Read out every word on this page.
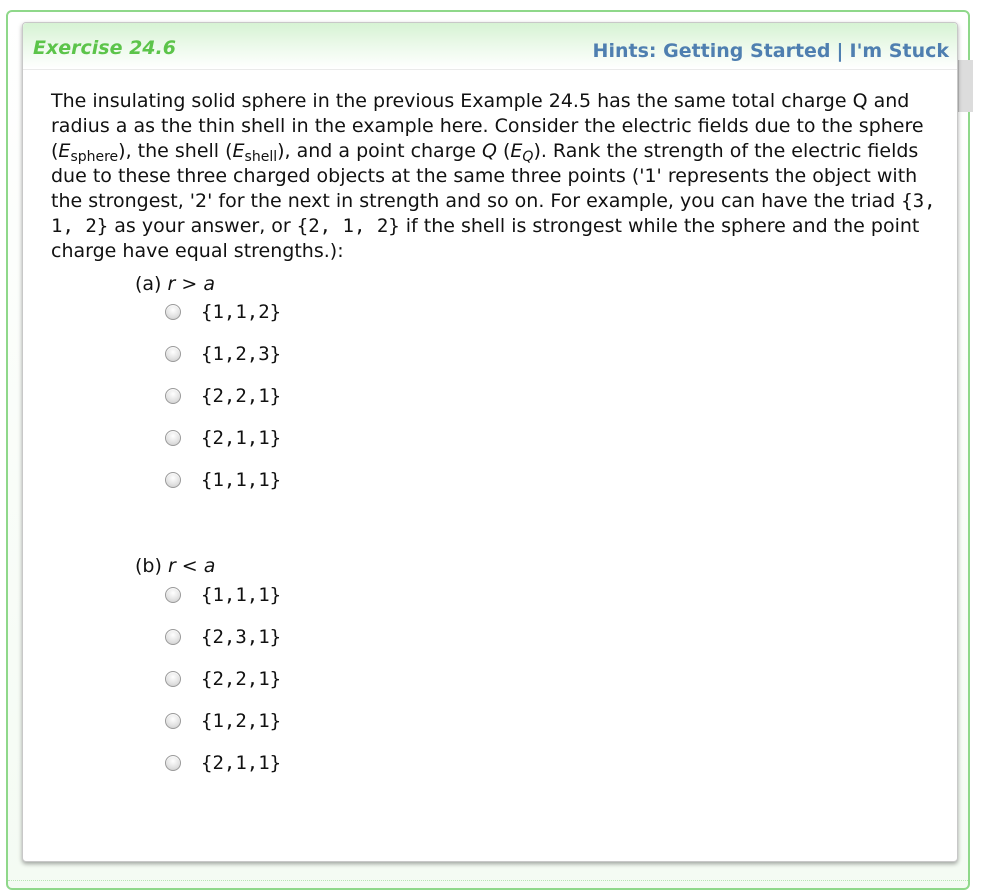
Exercise 24.6	Hints: Getting Started | I'm Stuck
The insulating solid sphere in the previous Example 24.5 has the same total charge Q and radius a as the thin shell in the example here. Consider the electric fields due to the sphere $(E_{sphere})$, the shell $(E_{shell})$, and a point charge Q $(E_Q)$. Rank the strength of the electric fields due to these three charged objects at the same three points ('1' represents the object with the strongest, '2' for the next in strength and so on. For example, you can have the triad {3, 1, 2} as your answer, or {2, 1, 2} if the shell is strongest while the sphere and the point charge have equal strengths.):
(a) r > a
{1,1,2}
{1,2,3}
{2,2,1}
{2,1,1}
{1,1,1}
(b) r < a
{1,1,1}
{2,3,1}
{2,2,1}
{1,2,1}
{2,1,1}
